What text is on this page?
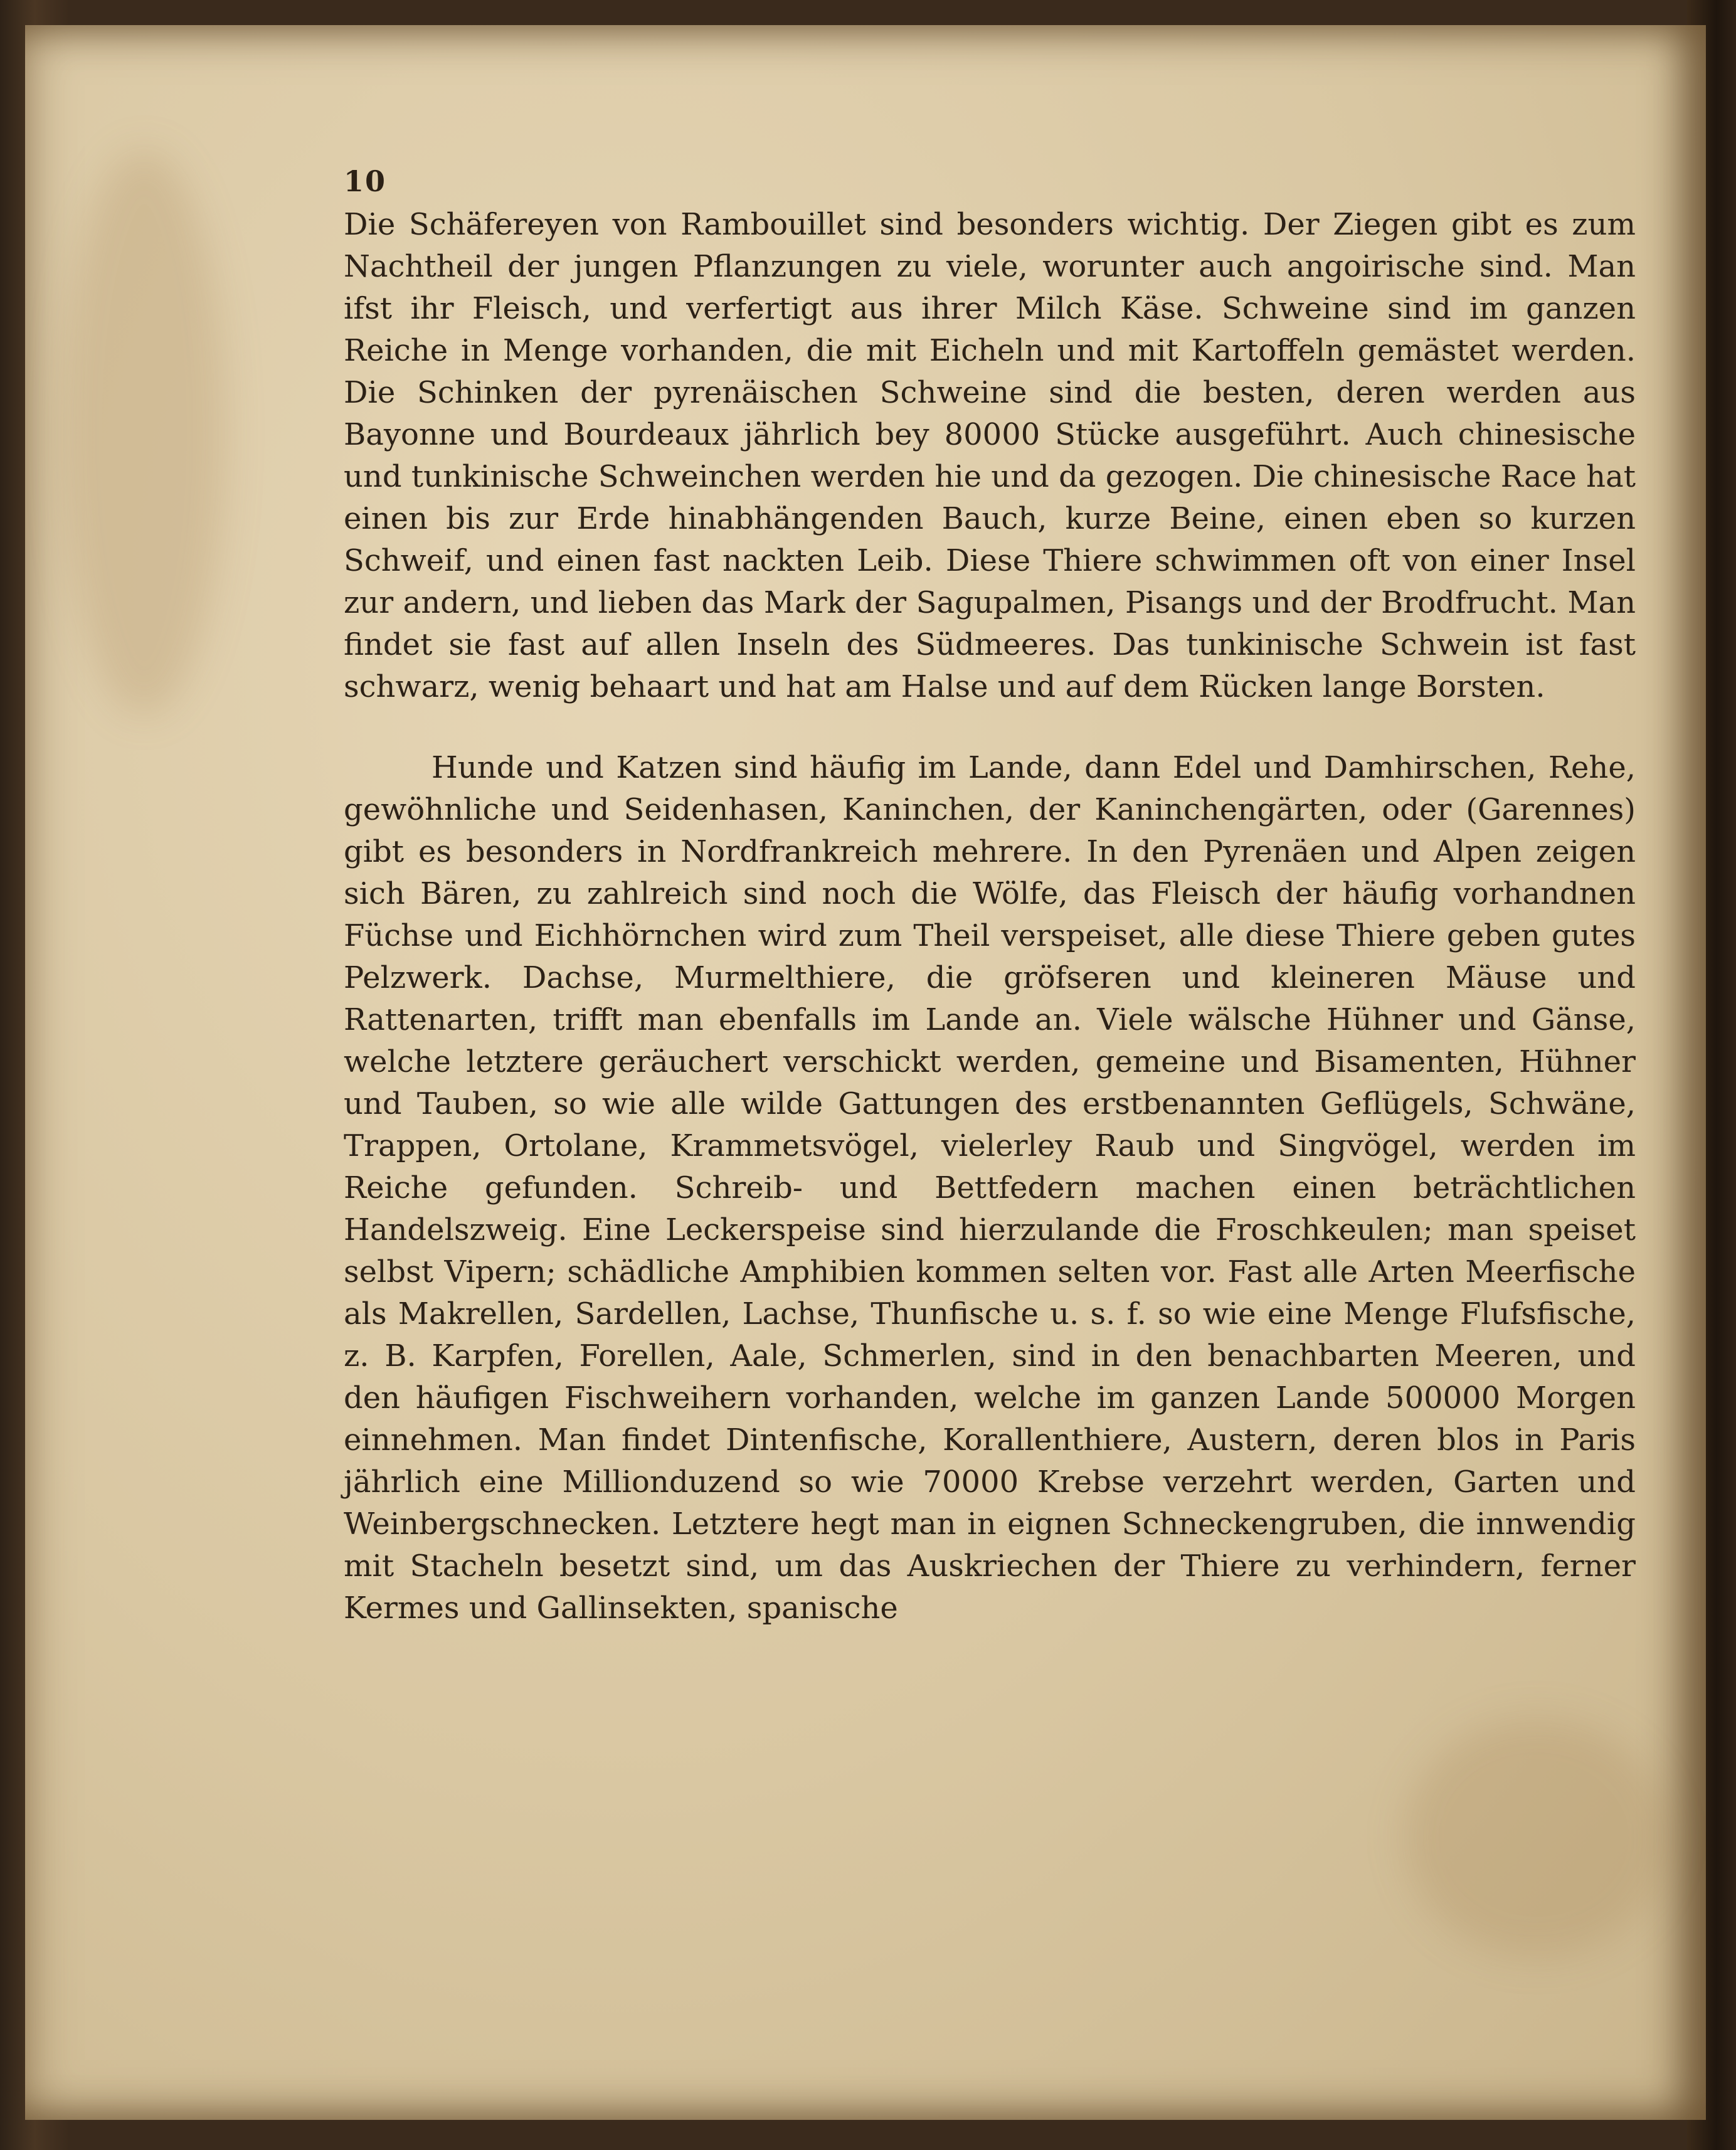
10

Die Schäfereyen von Rambouillet sind besonders wichtig. Der Ziegen gibt es zum Nachtheil der jungen Pflanzungen zu viele, worunter auch angoirische sind. Man ifst ihr Fleisch, und verfertigt aus ihrer Milch Käse. Schweine sind im ganzen Reiche in Menge vorhanden, die mit Eicheln und mit Kartoffeln gemästet werden. Die Schinken der pyrenäischen Schweine sind die besten, deren werden aus Bayonne und Bourdeaux jährlich bey 80000 Stücke ausgeführt. Auch chinesische und tunkinische Schweinchen werden hie und da gezogen. Die chinesische Race hat einen bis zur Erde hinabhängenden Bauch, kurze Beine, einen eben so kurzen Schweif, und einen fast nackten Leib. Diese Thiere schwimmen oft von einer Insel zur andern, und lieben das Mark der Sagupalmen, Pisangs und der Brodfrucht. Man findet sie fast auf allen Inseln des Südmeeres. Das tunkinische Schwein ist fast schwarz, wenig behaart und hat am Halse und auf dem Rücken lange Borsten.

Hunde und Katzen sind häufig im Lande, dann Edel und Damhirschen, Rehe, gewöhnliche und Seidenhasen, Kaninchen, der Kaninchengärten, oder (Garennes) gibt es besonders in Nordfrankreich mehrere. In den Pyrenäen und Alpen zeigen sich Bären, zu zahlreich sind noch die Wölfe, das Fleisch der häufig vorhandnen Füchse und Eichhörnchen wird zum Theil verspeiset, alle diese Thiere geben gutes Pelzwerk. Dachse, Murmelthiere, die gröfseren und kleineren Mäuse und Rattenarten, trifft man ebenfalls im Lande an. Viele wälsche Hühner und Gänse, welche letztere geräuchert verschickt werden, gemeine und Bisamenten, Hühner und Tauben, so wie alle wilde Gattungen des erstbenannten Geflügels, Schwäne, Trappen, Ortolane, Krammetsvögel, vielerley Raub und Singvögel, werden im Reiche gefunden. Schreib- und Bettfedern machen einen beträchtlichen Handelszweig. Eine Leckerspeise sind hierzulande die Froschkeulen; man speiset selbst Vipern; schädliche Amphibien kommen selten vor. Fast alle Arten Meerfische als Makrellen, Sardellen, Lachse, Thunfische u. s. f. so wie eine Menge Flufsfische, z. B. Karpfen, Forellen, Aale, Schmerlen, sind in den benachbarten Meeren, und den häufigen Fischweihern vorhanden, welche im ganzen Lande 500000 Morgen einnehmen. Man findet Dintenfische, Korallenthiere, Austern, deren blos in Paris jährlich eine Millionduzend so wie 70000 Krebse verzehrt werden, Garten und Weinbergschnecken. Letztere hegt man in eignen Schneckengruben, die innwendig mit Stacheln besetzt sind, um das Auskriechen der Thiere zu verhindern, ferner Kermes und Gallinsekten, spanische
